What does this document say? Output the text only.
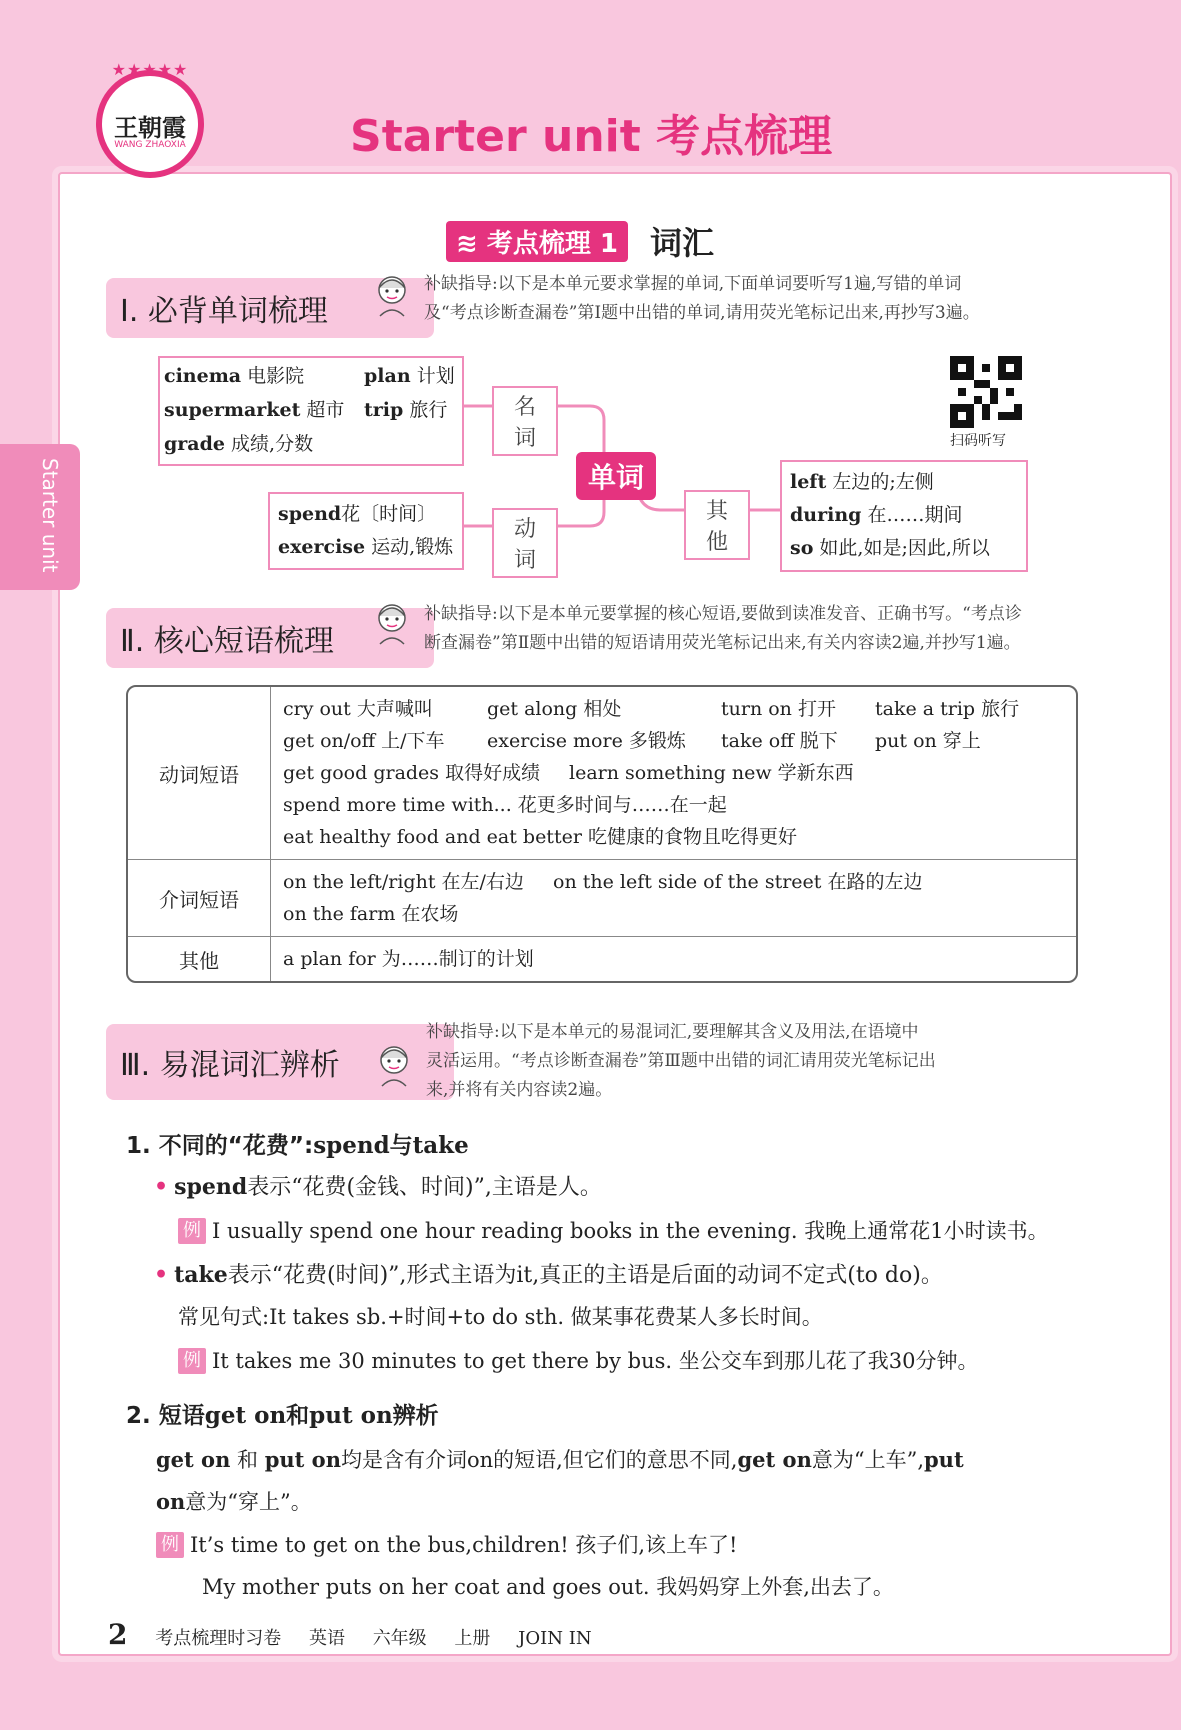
★★★★★
王朝霞
WANG ZHAOXIA	Starter unit 考点梳理
Starter unit
≋ 考点梳理 1	词汇
Ⅰ. 必背单词梳理
补缺指导:以下是本单元要求掌握的单词,下面单词要听写1遍,写错的单词
及“考点诊断查漏卷”第Ⅰ题中出错的单词,请用荧光笔标记出来,再抄写3遍。
cinema 电影院	plan 计划
supermarket 超市 trip 旅行
grade 成绩,分数
名词
spend花〔时间〕
exercise 运动,锻炼
动词
单词
其他
left 左边的;左侧
during 在……期间
so 如此,如是;因此,所以
扫码听写
Ⅱ. 核心短语梳理
补缺指导:以下是本单元要掌握的核心短语,要做到读准发音、正确书写。“考点诊
断查漏卷”第Ⅱ题中出错的短语请用荧光笔标记出来,有关内容读2遍,并抄写1遍。
动词短语
cry out 大声喊叫	get along 相处	turn on 打开 take a trip 旅行
get on/off 上/下车 exercise more 多锻炼 take off 脱下 put on 穿上
get good grades 取得好成绩 learn something new 学新东西
spend more time with... 花更多时间与……在一起
eat healthy food and eat better 吃健康的食物且吃得更好
介词短语
on the left/right 在左/右边 on the left side of the street 在路的左边
on the farm 在农场
其他	a plan for 为……制订的计划
Ⅲ. 易混词汇辨析
补缺指导:以下是本单元的易混词汇,要理解其含义及用法,在语境中
灵活运用。“考点诊断查漏卷”第Ⅲ题中出错的词汇请用荧光笔标记出
来,并将有关内容读2遍。
1. 不同的“花费”:spend与take
• spend表示“花费(金钱、时间)”,主语是人。
例 I usually spend one hour reading books in the evening. 我晚上通常花1小时读书。
• take表示“花费(时间)”,形式主语为it,真正的主语是后面的动词不定式(to do)。
常见句式:It takes sb.+时间+to do sth. 做某事花费某人多长时间。
例 It takes me 30 minutes to get there by bus. 坐公交车到那儿花了我30分钟。
2. 短语get on和put on辨析
get on 和 put on均是含有介词on的短语,但它们的意思不同,get on意为“上车”,put
on意为“穿上”。
例 It’s time to get on the bus,children! 孩子们,该上车了!
My mother puts on her coat and goes out. 我妈妈穿上外套,出去了。
2 考点梳理时习卷 英语 六年级 上册 JOIN IN
